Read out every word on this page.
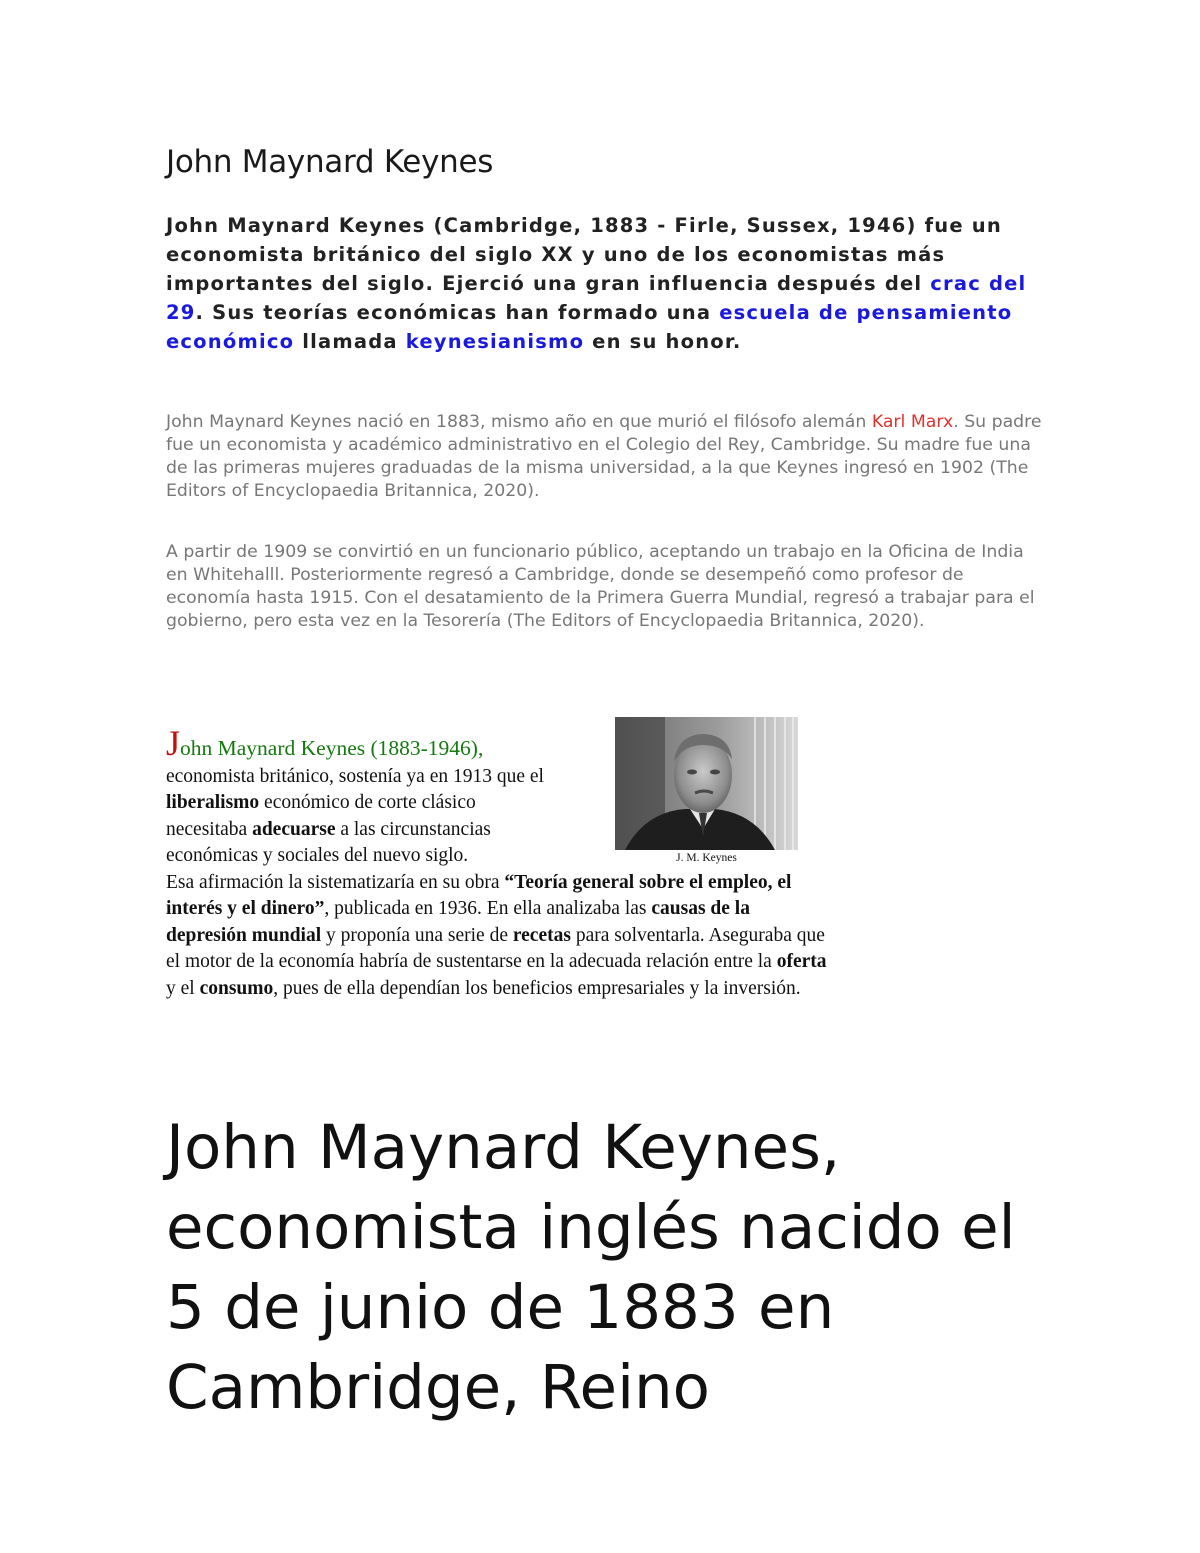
John Maynard Keynes

John Maynard Keynes (Cambridge, 1883 - Firle, Sussex, 1946) fue un economista británico del siglo XX y uno de los economistas más importantes del siglo. Ejerció una gran influencia después del crac del 29. Sus teorías económicas han formado una escuela de pensamiento económico llamada keynesianismo en su honor.

John Maynard Keynes nació en 1883, mismo año en que murió el filósofo alemán Karl Marx. Su padre fue un economista y académico administrativo en el Colegio del Rey, Cambridge. Su madre fue una de las primeras mujeres graduadas de la misma universidad, a la que Keynes ingresó en 1902 (The Editors of Encyclopaedia Britannica, 2020).

A partir de 1909 se convirtió en un funcionario público, aceptando un trabajo en la Oficina de India en Whitehalll. Posteriormente regresó a Cambridge, donde se desempeñó como profesor de economía hasta 1915. Con el desatamiento de la Primera Guerra Mundial, regresó a trabajar para el gobierno, pero esta vez en la Tesorería (The Editors of Encyclopaedia Britannica, 2020).

John Maynard Keynes (1883-1946), economista británico, sostenía ya en 1913 que el liberalismo económico de corte clásico necesitaba adecuarse a las circunstancias económicas y sociales del nuevo siglo.

Esa afirmación la sistematizaría en su obra “Teoría general sobre el empleo, el interés y el dinero”, publicada en 1936. En ella analizaba las causas de la depresión mundial y proponía una serie de recetas para solventarla. Aseguraba que el motor de la economía habría de sustentarse en la adecuada relación entre la oferta y el consumo, pues de ella dependían los beneficios empresariales y la inversión.

J. M. Keynes
John Maynard Keynes, economista inglés nacido el 5 de junio de 1883 en Cambridge, Reino
